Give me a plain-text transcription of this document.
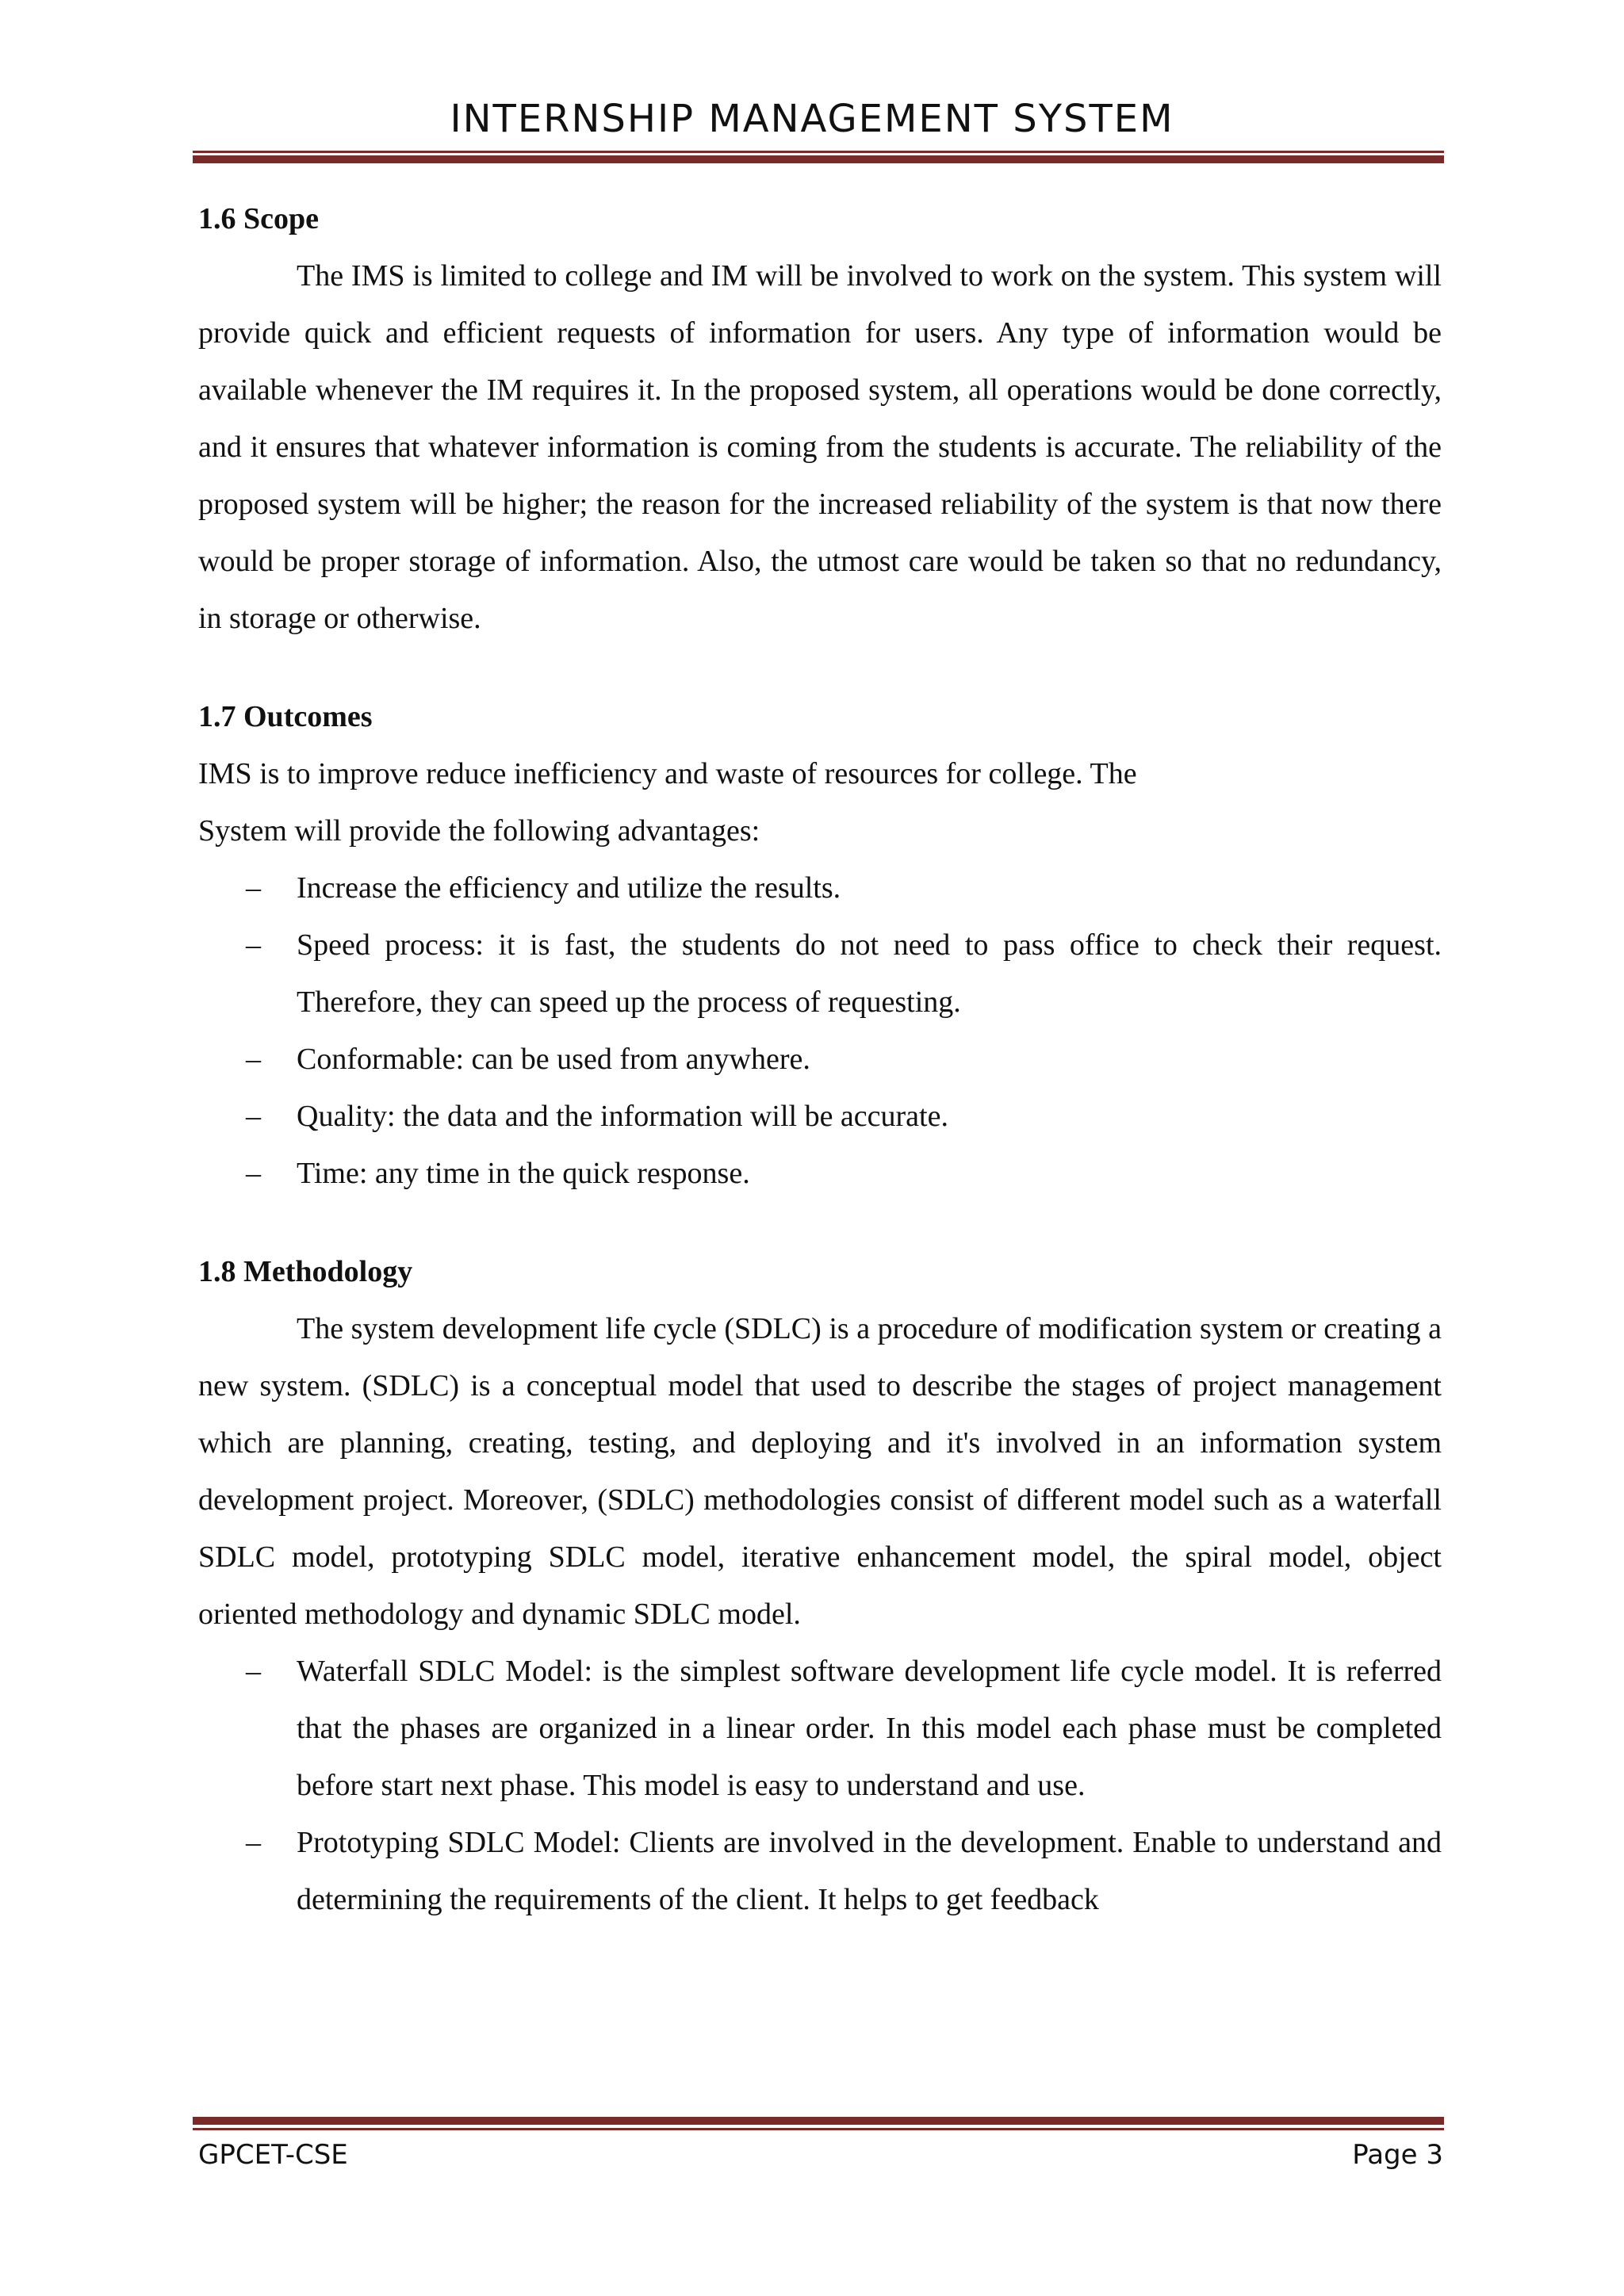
INTERNSHIP MANAGEMENT SYSTEM
1.6 Scope

The IMS is limited to college and IM will be involved to work on the system. This system will provide quick and efficient requests of information for users. Any type of information would be available whenever the IM requires it. In the proposed system, all operations would be done correctly, and it ensures that whatever information is coming from the students is accurate. The reliability of the proposed system will be higher; the reason for the increased reliability of the system is that now there would be proper storage of information. Also, the utmost care would be taken so that no redundancy, in storage or otherwise.

1.7 Outcomes

IMS is to improve reduce inefficiency and waste of resources for college. The

System will provide the following advantages:

– Increase the efficiency and utilize the results.
– Speed process: it is fast, the students do not need to pass office to check their request. Therefore, they can speed up the process of requesting.
– Conformable: can be used from anywhere.
– Quality: the data and the information will be accurate.
– Time: any time in the quick response.
1.8 Methodology

The system development life cycle (SDLC) is a procedure of modification system or creating a new system. (SDLC) is a conceptual model that used to describe the stages of project management which are planning, creating, testing, and deploying and it's involved in an information system development project. Moreover, (SDLC) methodologies consist of different model such as a waterfall SDLC model, prototyping SDLC model, iterative enhancement model, the spiral model, object oriented methodology and dynamic SDLC model.

– Waterfall SDLC Model: is the simplest software development life cycle model. It is referred that the phases are organized in a linear order. In this model each phase must be completed before start next phase. This model is easy to understand and use.
– Prototyping SDLC Model: Clients are involved in the development. Enable to understand and determining the requirements of the client. It helps to get feedback
GPCET-CSE	Page 3
